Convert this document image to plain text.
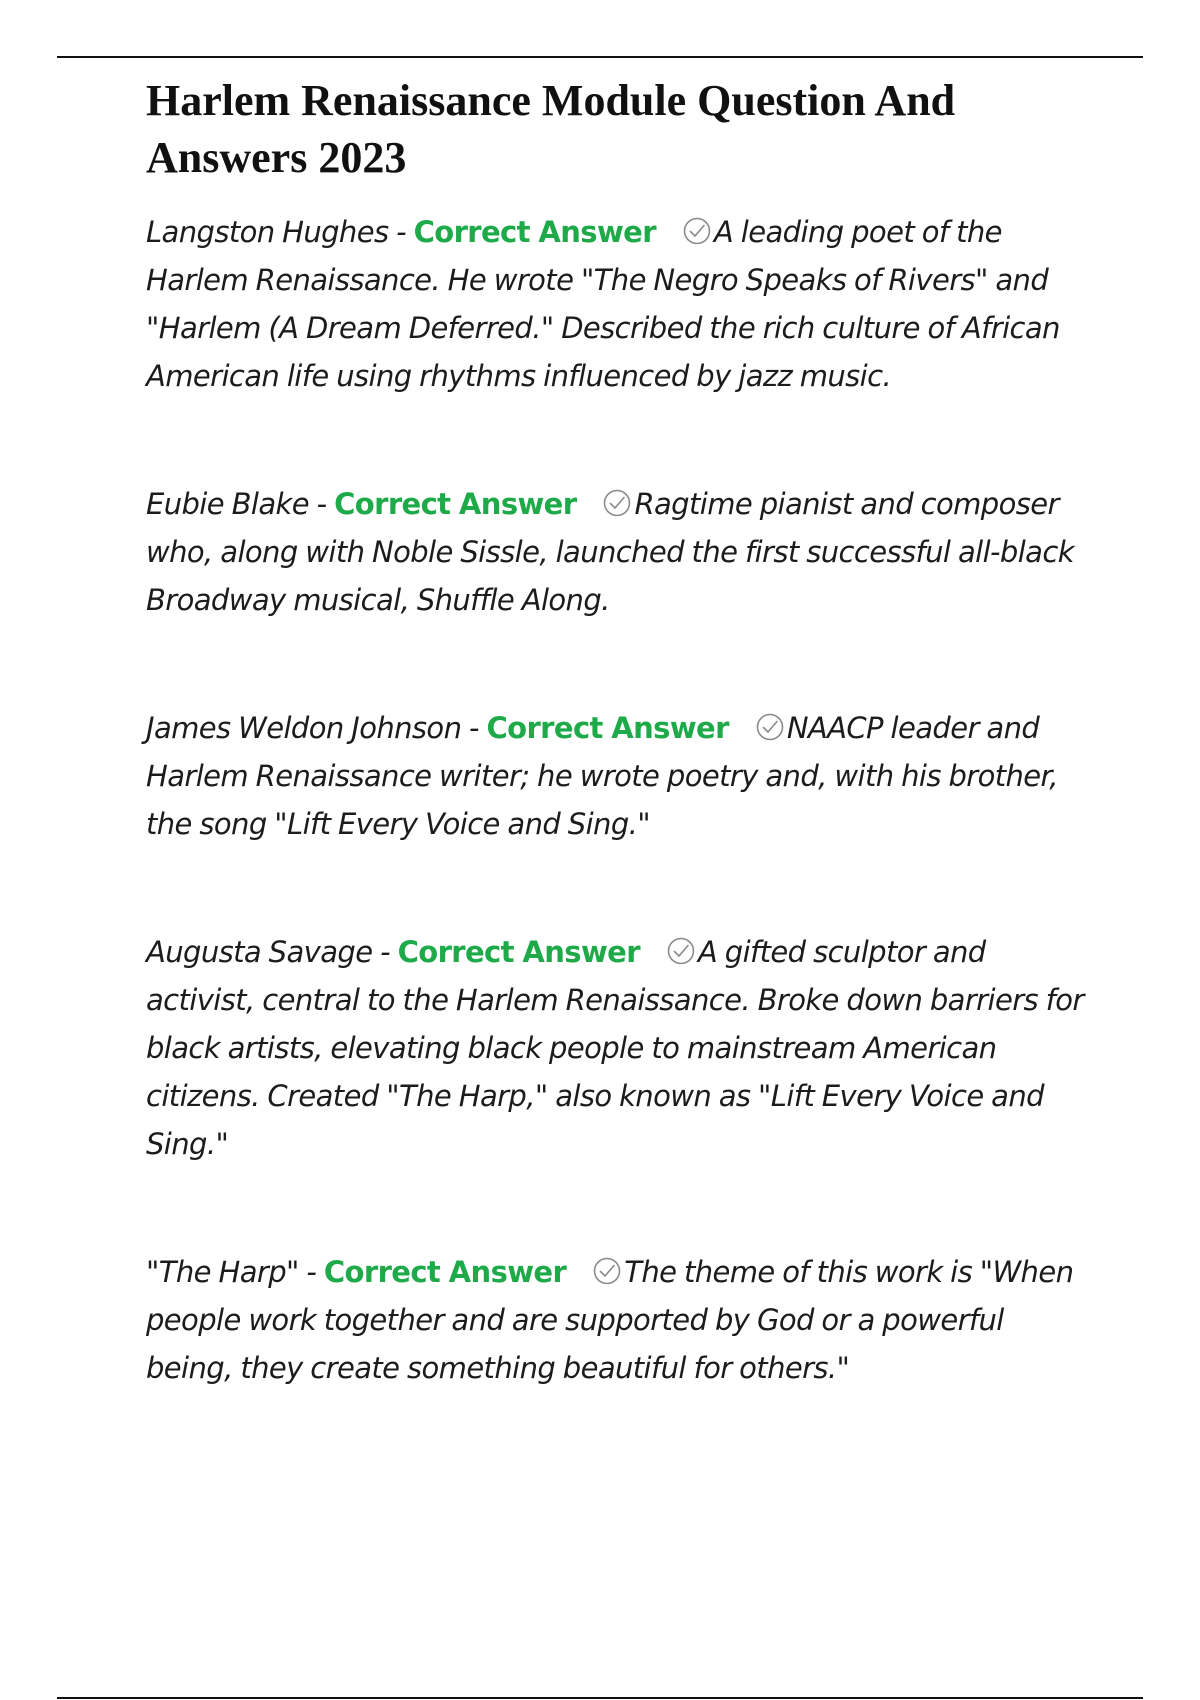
Harlem Renaissance Module Question And Answers 2023

Langston Hughes - Correct Answer A leading poet of the Harlem Renaissance. He wrote "The Negro Speaks of Rivers" and "Harlem (A Dream Deferred." Described the rich culture of African American life using rhythms influenced by jazz music.

Eubie Blake - Correct Answer Ragtime pianist and composer who, along with Noble Sissle, launched the first successful all-black Broadway musical, Shuffle Along.

James Weldon Johnson - Correct Answer NAACP leader and Harlem Renaissance writer; he wrote poetry and, with his brother, the song "Lift Every Voice and Sing."

Augusta Savage - Correct Answer A gifted sculptor and activist, central to the Harlem Renaissance. Broke down barriers for black artists, elevating black people to mainstream American citizens. Created "The Harp," also known as "Lift Every Voice and Sing."

"The Harp" - Correct Answer The theme of this work is "When people work together and are supported by God or a powerful being, they create something beautiful for others."
